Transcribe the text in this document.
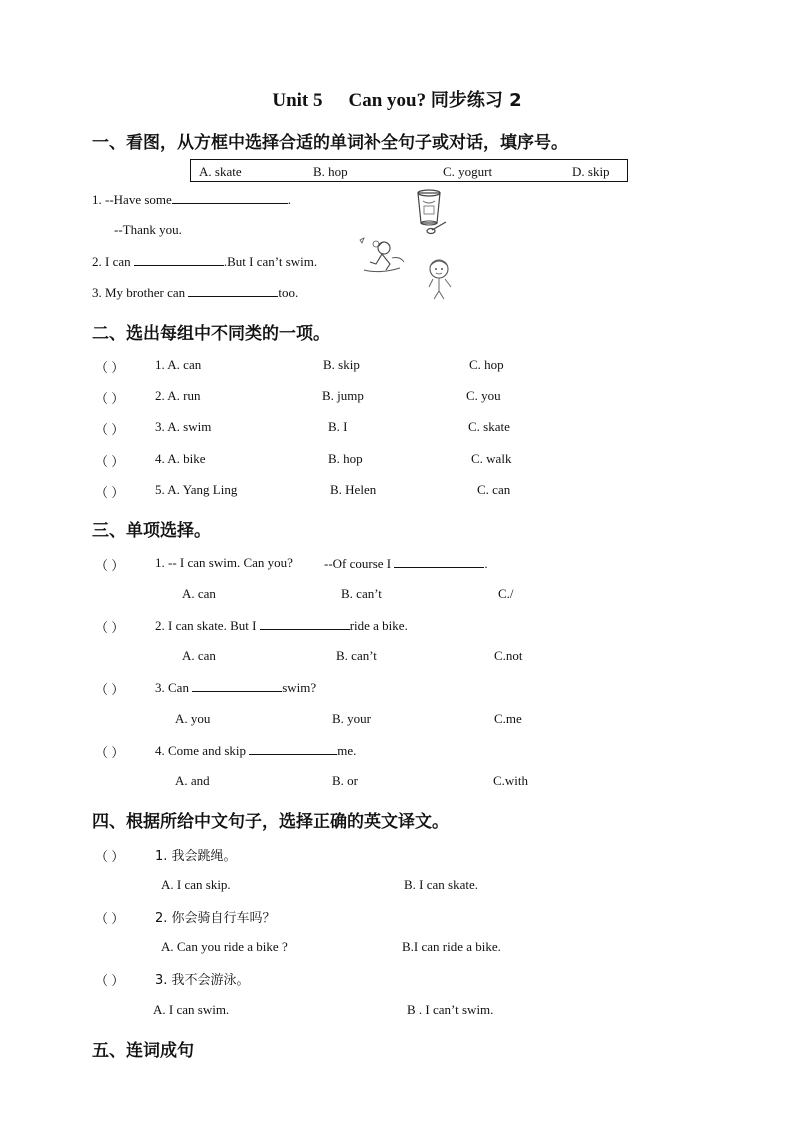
Unit 5 Can you? 同步练习 2
一、看图，从方框中选择合适的单词补全句子或对话，填序号。
A. skate	B. hop	C. yogurt	D. skip
1. --Have some	.
--Thank you.
2. I can	.But I can’t swim.
3. My brother can	too.
二、选出每组中不同类的一项。
（ ） 1. A. can	B. skip	C. hop
（ ） 2. A. run	B. jump	C. you
（ ） 3. A. swim	B. I	C. skate
（ ） 4. A. bike	B. hop	C. walk
（ ） 5. A. Yang Ling	B. Helen	C. can
三、单项选择。
（ ） 1. -- I can swim. Can you? --Of course I	.
A. can	B. can’t	C./
（ ） 2. I can skate. But I	ride a bike.
A. can	B. can’t	C.not
（ ） 3. Can	swim?
A. you	B. your	C.me
（ ） 4. Come and skip	me.
A. and	B. or	C.with
四、根据所给中文句子，选择正确的英文译文。
（ ） 1. 我会跳绳。
A. I can skip.	B. I can skate.
（ ） 2. 你会骑自行车吗？
A. Can you ride a bike ?	B.I can ride a bike.
（ ） 3. 我不会游泳。
A. I can swim.	B . I can’t swim.
五、连词成句
